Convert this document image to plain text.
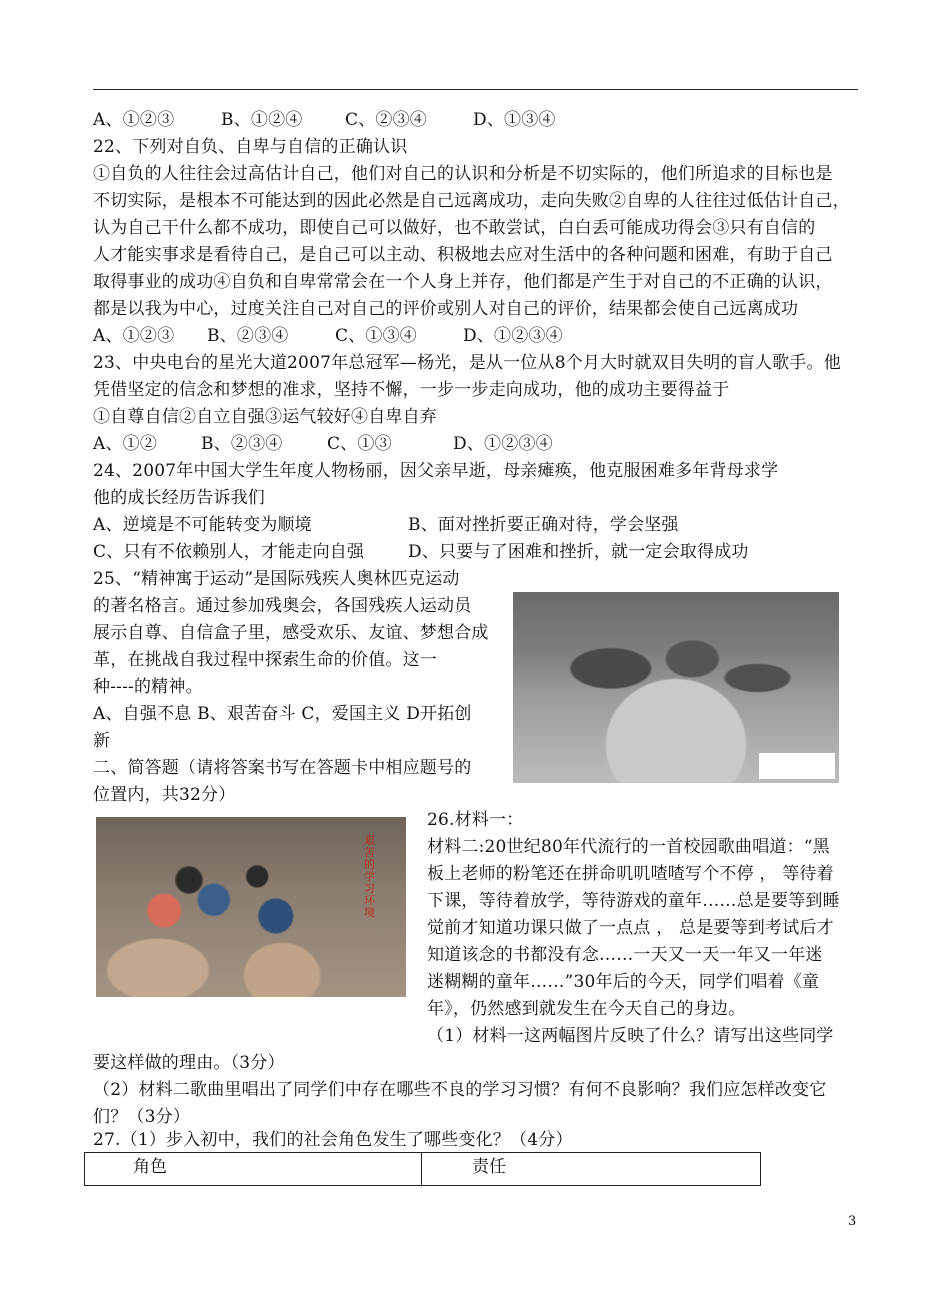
A、①②③	B、①②④	C、②③④	D、①③④
22、下列对自负、自卑与自信的正确认识
①自负的人往往会过高估计自己，他们对自己的认识和分析是不切实际的，他们所追求的目标也是
不切实际，是根本不可能达到的因此必然是自己远离成功，走向失败②自卑的人往往过低估计自己，
认为自己干什么都不成功，即使自己可以做好，也不敢尝试，白白丢可能成功得会③只有自信的
人才能实事求是看待自己，是自己可以主动、积极地去应对生活中的各种问题和困难，有助于自己
取得事业的成功④自负和自卑常常会在一个人身上并存，他们都是产生于对自己的不正确的认识，
都是以我为中心，过度关注自己对自己的评价或别人对自己的评价，结果都会使自己远离成功
A、①②③ B、②③④	C、①③④	D、①②③④
23、中央电台的星光大道2007年总冠军—杨光，是从一位从8个月大时就双目失明的盲人歌手。他
凭借坚定的信念和梦想的准求，坚持不懈，一步一步走向成功，他的成功主要得益于
①自尊自信②自立自强③运气较好④自卑自弃
A、①②	B、②③④	C、①③	D、①②③④
24、2007年中国大学生年度人物杨丽，因父亲早逝，母亲瘫痪，他克服困难多年背母求学
他的成长经历告诉我们
A、逆境是不可能转变为顺境	B、面对挫折要正确对待，学会坚强
C、只有不依赖别人，才能走向自强	D、只要与了困难和挫折，就一定会取得成功
25、“精神寓于运动”是国际残疾人奥林匹克运动
的著名格言。通过参加残奥会，各国残疾人运动员
展示自尊、自信盒子里，感受欢乐、友谊、梦想合成
革，在挑战自我过程中探索生命的价值。这一
种----的精神。
A、自强不息 B、艰苦奋斗 C，爱国主义 D开拓创
新
二、简答题（请将答案书写在答题卡中相应题号的
位置内，共32分）
艰苦的学习环境
26.材料一：
材料二:20世纪80年代流行的一首校园歌曲唱道：“黑
板上老师的粉笔还在拼命叽叽喳喳写个不停 ， 等待着
下课，等待着放学，等待游戏的童年……总是要等到睡
觉前才知道功课只做了一点点 ， 总是要等到考试后才
知道该念的书都没有念……一天又一天一年又一年迷
迷糊糊的童年……”30年后的今天，同学们唱着《童
年》，仍然感到就发生在今天自己的身边。
（1）材料一这两幅图片反映了什么？请写出这些同学
要这样做的理由。（3分）
（2）材料二歌曲里唱出了同学们中存在哪些不良的学习习惯？有何不良影响？我们应怎样改变它
们？（3分）
27.（1）步入初中，我们的社会角色发生了哪些变化？（4分）
角色	责任
3
